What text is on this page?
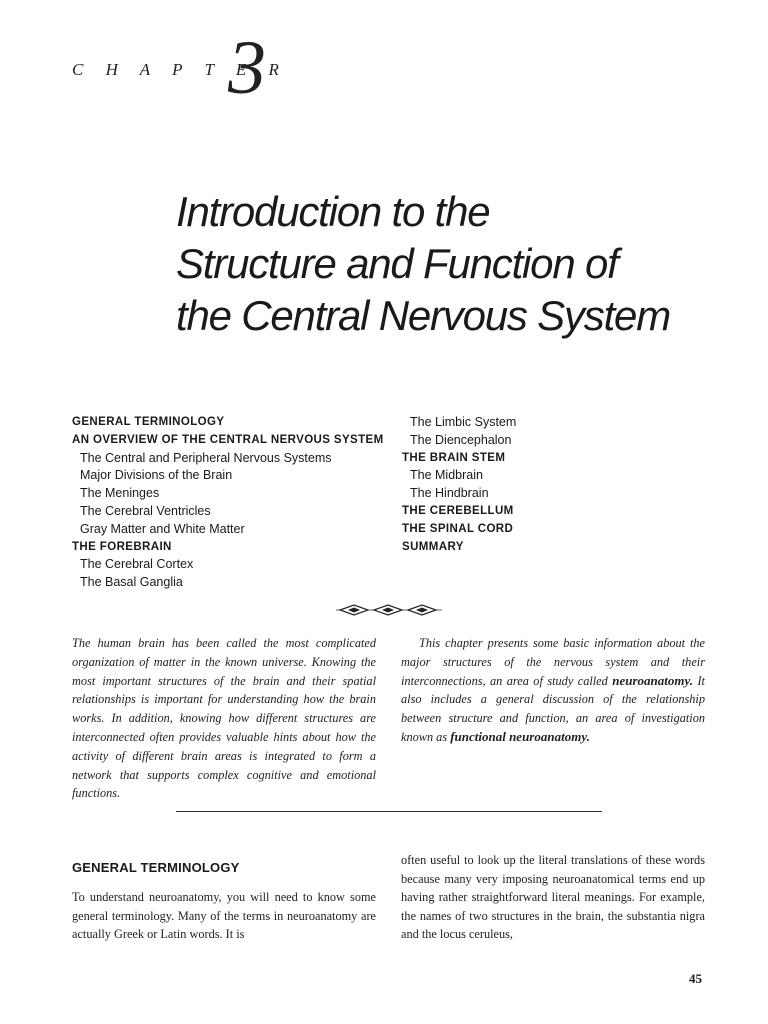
C H A P T E R
3
Introduction to the
Structure and Function of
the Central Nervous System
GENERAL TERMINOLOGY
AN OVERVIEW OF THE CENTRAL NERVOUS SYSTEM
The Central and Peripheral Nervous Systems
Major Divisions of the Brain
The Meninges
The Cerebral Ventricles
Gray Matter and White Matter
THE FOREBRAIN
The Cerebral Cortex
The Basal Ganglia
The Limbic System
The Diencephalon
THE BRAIN STEM
The Midbrain
The Hindbrain
THE CEREBELLUM
THE SPINAL CORD
SUMMARY

The human brain has been called the most complicated organization of matter in the known universe. Knowing the most important structures of the brain and their spatial relationships is important for understanding how the brain works. In addition, knowing how different structures are interconnected often provides valuable hints about how the activity of different brain areas is integrated to form a network that supports complex cognitive and emotional functions.

This chapter presents some basic information about the major structures of the nervous system and their interconnections, an area of study called neuroanatomy. It also includes a general discussion of the relationship between structure and function, an area of investigation known as functional neuroanatomy.

GENERAL TERMINOLOGY

To understand neuroanatomy, you will need to know some general terminology. Many of the terms in neuroanatomy are actually Greek or Latin words. It is

often useful to look up the literal translations of these words because many very imposing neuroanatomical terms end up having rather straightforward literal meanings. For example, the names of two structures in the brain, the substantia nigra and the locus ceruleus,

45
